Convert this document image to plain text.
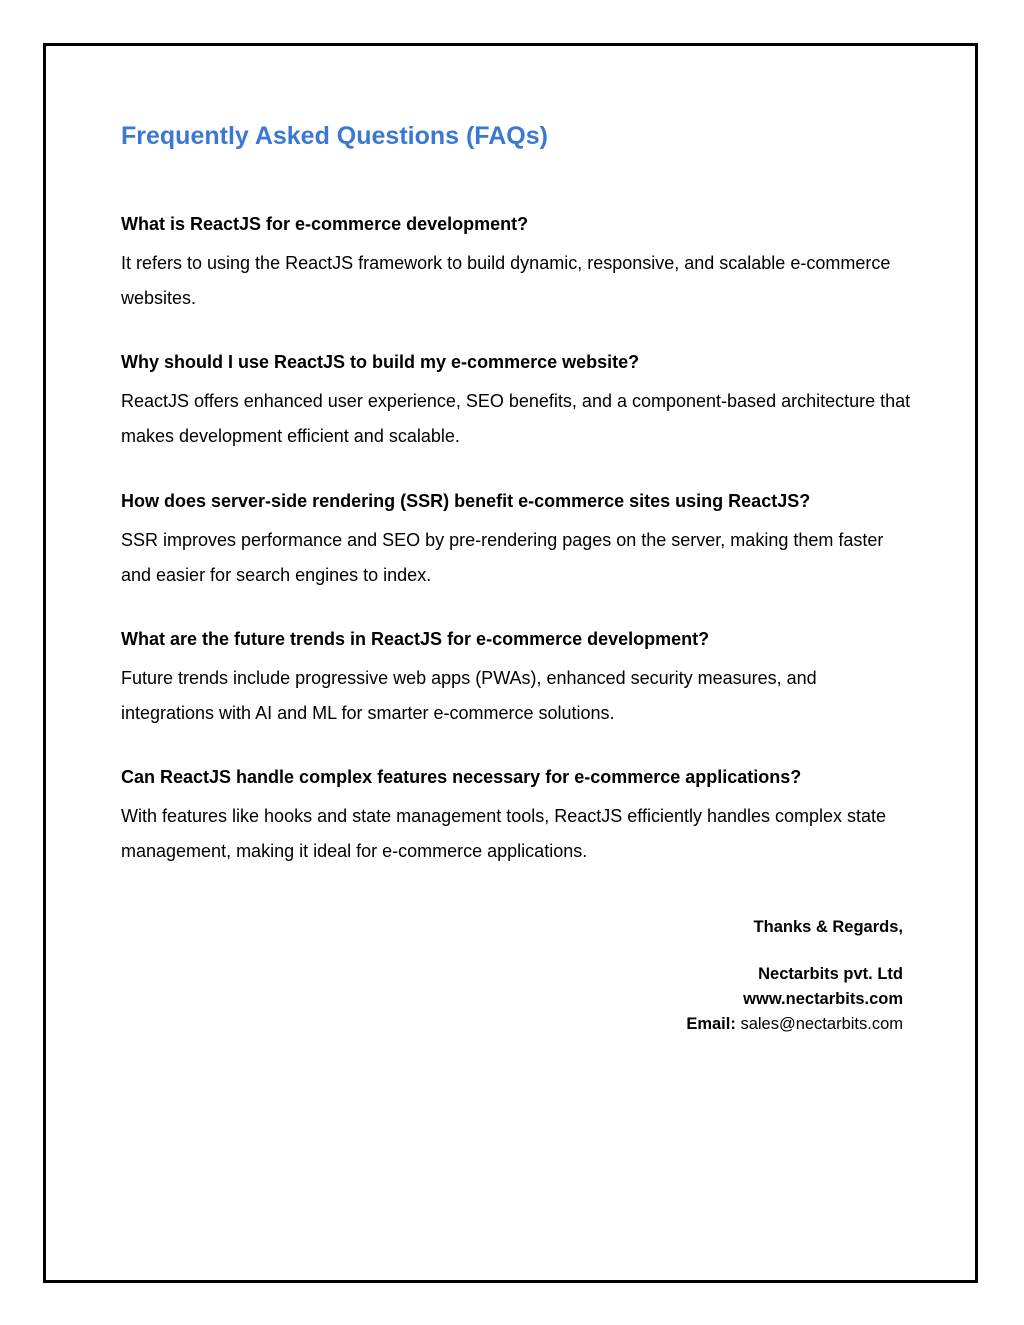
Frequently Asked Questions (FAQs)

What is ReactJS for e-commerce development?

It refers to using the ReactJS framework to build dynamic, responsive, and scalable e-commerce websites.

Why should I use ReactJS to build my e-commerce website?

ReactJS offers enhanced user experience, SEO benefits, and a component-based architecture that makes development efficient and scalable.

How does server-side rendering (SSR) benefit e-commerce sites using ReactJS?

SSR improves performance and SEO by pre-rendering pages on the server, making them faster and easier for search engines to index.

What are the future trends in ReactJS for e-commerce development?

Future trends include progressive web apps (PWAs), enhanced security measures, and integrations with AI and ML for smarter e-commerce solutions.

Can ReactJS handle complex features necessary for e-commerce applications?

With features like hooks and state management tools, ReactJS efficiently handles complex state management, making it ideal for e-commerce applications.

Thanks & Regards,
Nectarbits pvt. Ltd
www.nectarbits.com
Email: sales@nectarbits.com
